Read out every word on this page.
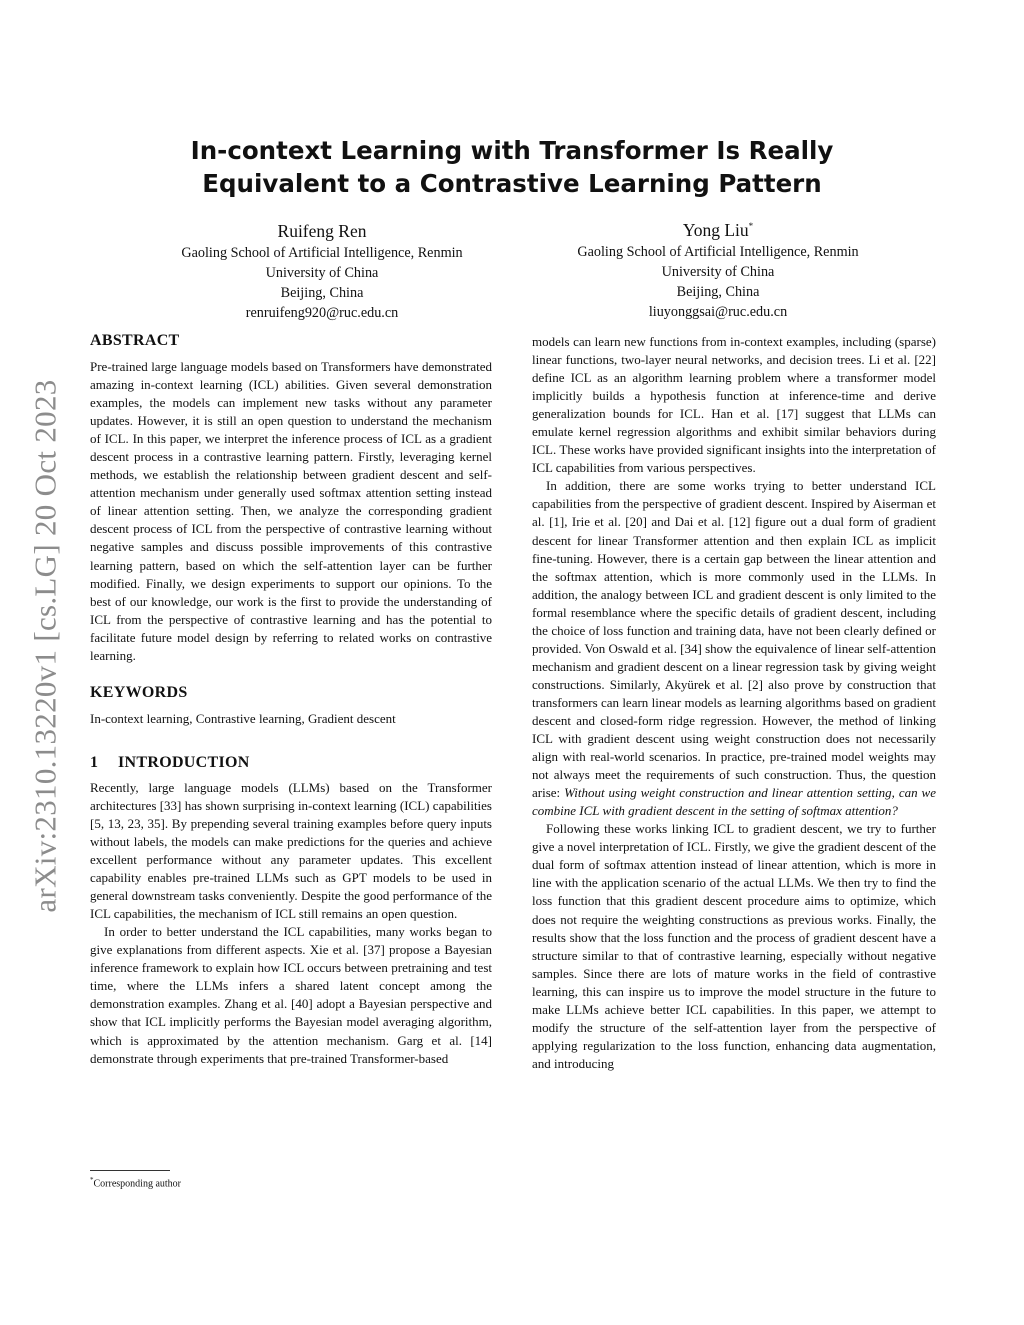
arXiv:2310.13220v1 [cs.LG] 20 Oct 2023
In-context Learning with Transformer Is Really
Equivalent to a Contrastive Learning Pattern
Ruifeng Ren
Gaoling School of Artificial Intelligence, Renmin
University of China
Beijing, China
renruifeng920@ruc.edu.cn
Yong Liu*
Gaoling School of Artificial Intelligence, Renmin
University of China
Beijing, China
liuyonggsai@ruc.edu.cn
ABSTRACT

Pre-trained large language models based on Transformers have demonstrated amazing in-context learning (ICL) abilities. Given several demonstration examples, the models can implement new tasks without any parameter updates. However, it is still an open question to understand the mechanism of ICL. In this paper, we interpret the inference process of ICL as a gradient descent process in a contrastive learning pattern. Firstly, leveraging kernel methods, we establish the relationship between gradient descent and self-attention mechanism under generally used softmax attention setting instead of linear attention setting. Then, we analyze the corresponding gradient descent process of ICL from the perspective of contrastive learning without negative samples and discuss possible improvements of this contrastive learning pattern, based on which the self-attention layer can be further modified. Finally, we design experiments to support our opinions. To the best of our knowledge, our work is the first to provide the understanding of ICL from the perspective of contrastive learning and has the potential to facilitate future model design by referring to related works on contrastive learning.

KEYWORDS

In-context learning, Contrastive learning, Gradient descent

1 INTRODUCTION

Recently, large language models (LLMs) based on the Transformer architectures [33] has shown surprising in-context learning (ICL) capabilities [5, 13, 23, 35]. By prepending several training examples before query inputs without labels, the models can make predictions for the queries and achieve excellent performance without any parameter updates. This excellent capability enables pre-trained LLMs such as GPT models to be used in general downstream tasks conveniently. Despite the good performance of the ICL capabilities, the mechanism of ICL still remains an open question.

In order to better understand the ICL capabilities, many works began to give explanations from different aspects. Xie et al. [37] propose a Bayesian inference framework to explain how ICL occurs between pretraining and test time, where the LLMs infers a shared latent concept among the demonstration examples. Zhang et al. [40] adopt a Bayesian perspective and show that ICL implicitly performs the Bayesian model averaging algorithm, which is approximated by the attention mechanism. Garg et al. [14] demonstrate through experiments that pre-trained Transformer-based

models can learn new functions from in-context examples, including (sparse) linear functions, two-layer neural networks, and decision trees. Li et al. [22] define ICL as an algorithm learning problem where a transformer model implicitly builds a hypothesis function at inference-time and derive generalization bounds for ICL. Han et al. [17] suggest that LLMs can emulate kernel regression algorithms and exhibit similar behaviors during ICL. These works have provided significant insights into the interpretation of ICL capabilities from various perspectives.

In addition, there are some works trying to better understand ICL capabilities from the perspective of gradient descent. Inspired by Aiserman et al. [1], Irie et al. [20] and Dai et al. [12] figure out a dual form of gradient descent for linear Transformer attention and then explain ICL as implicit fine-tuning. However, there is a certain gap between the linear attention and the softmax attention, which is more commonly used in the LLMs. In addition, the analogy between ICL and gradient descent is only limited to the formal resemblance where the specific details of gradient descent, including the choice of loss function and training data, have not been clearly defined or provided. Von Oswald et al. [34] show the equivalence of linear self-attention mechanism and gradient descent on a linear regression task by giving weight constructions. Similarly, Akyürek et al. [2] also prove by construction that transformers can learn linear models as learning algorithms based on gradient descent and closed-form ridge regression. However, the method of linking ICL with gradient descent using weight construction does not necessarily align with real-world scenarios. In practice, pre-trained model weights may not always meet the requirements of such construction. Thus, the question arise: Without using weight construction and linear attention setting, can we combine ICL with gradient descent in the setting of softmax attention?

Following these works linking ICL to gradient descent, we try to further give a novel interpretation of ICL. Firstly, we give the gradient descent of the dual form of softmax attention instead of linear attention, which is more in line with the application scenario of the actual LLMs. We then try to find the loss function that this gradient descent procedure aims to optimize, which does not require the weighting constructions as previous works. Finally, the results show that the loss function and the process of gradient descent have a structure similar to that of contrastive learning, especially without negative samples. Since there are lots of mature works in the field of contrastive learning, this can inspire us to improve the model structure in the future to make LLMs achieve better ICL capabilities. In this paper, we attempt to modify the structure of the self-attention layer from the perspective of applying regularization to the loss function, enhancing data augmentation, and introducing

*Corresponding author
